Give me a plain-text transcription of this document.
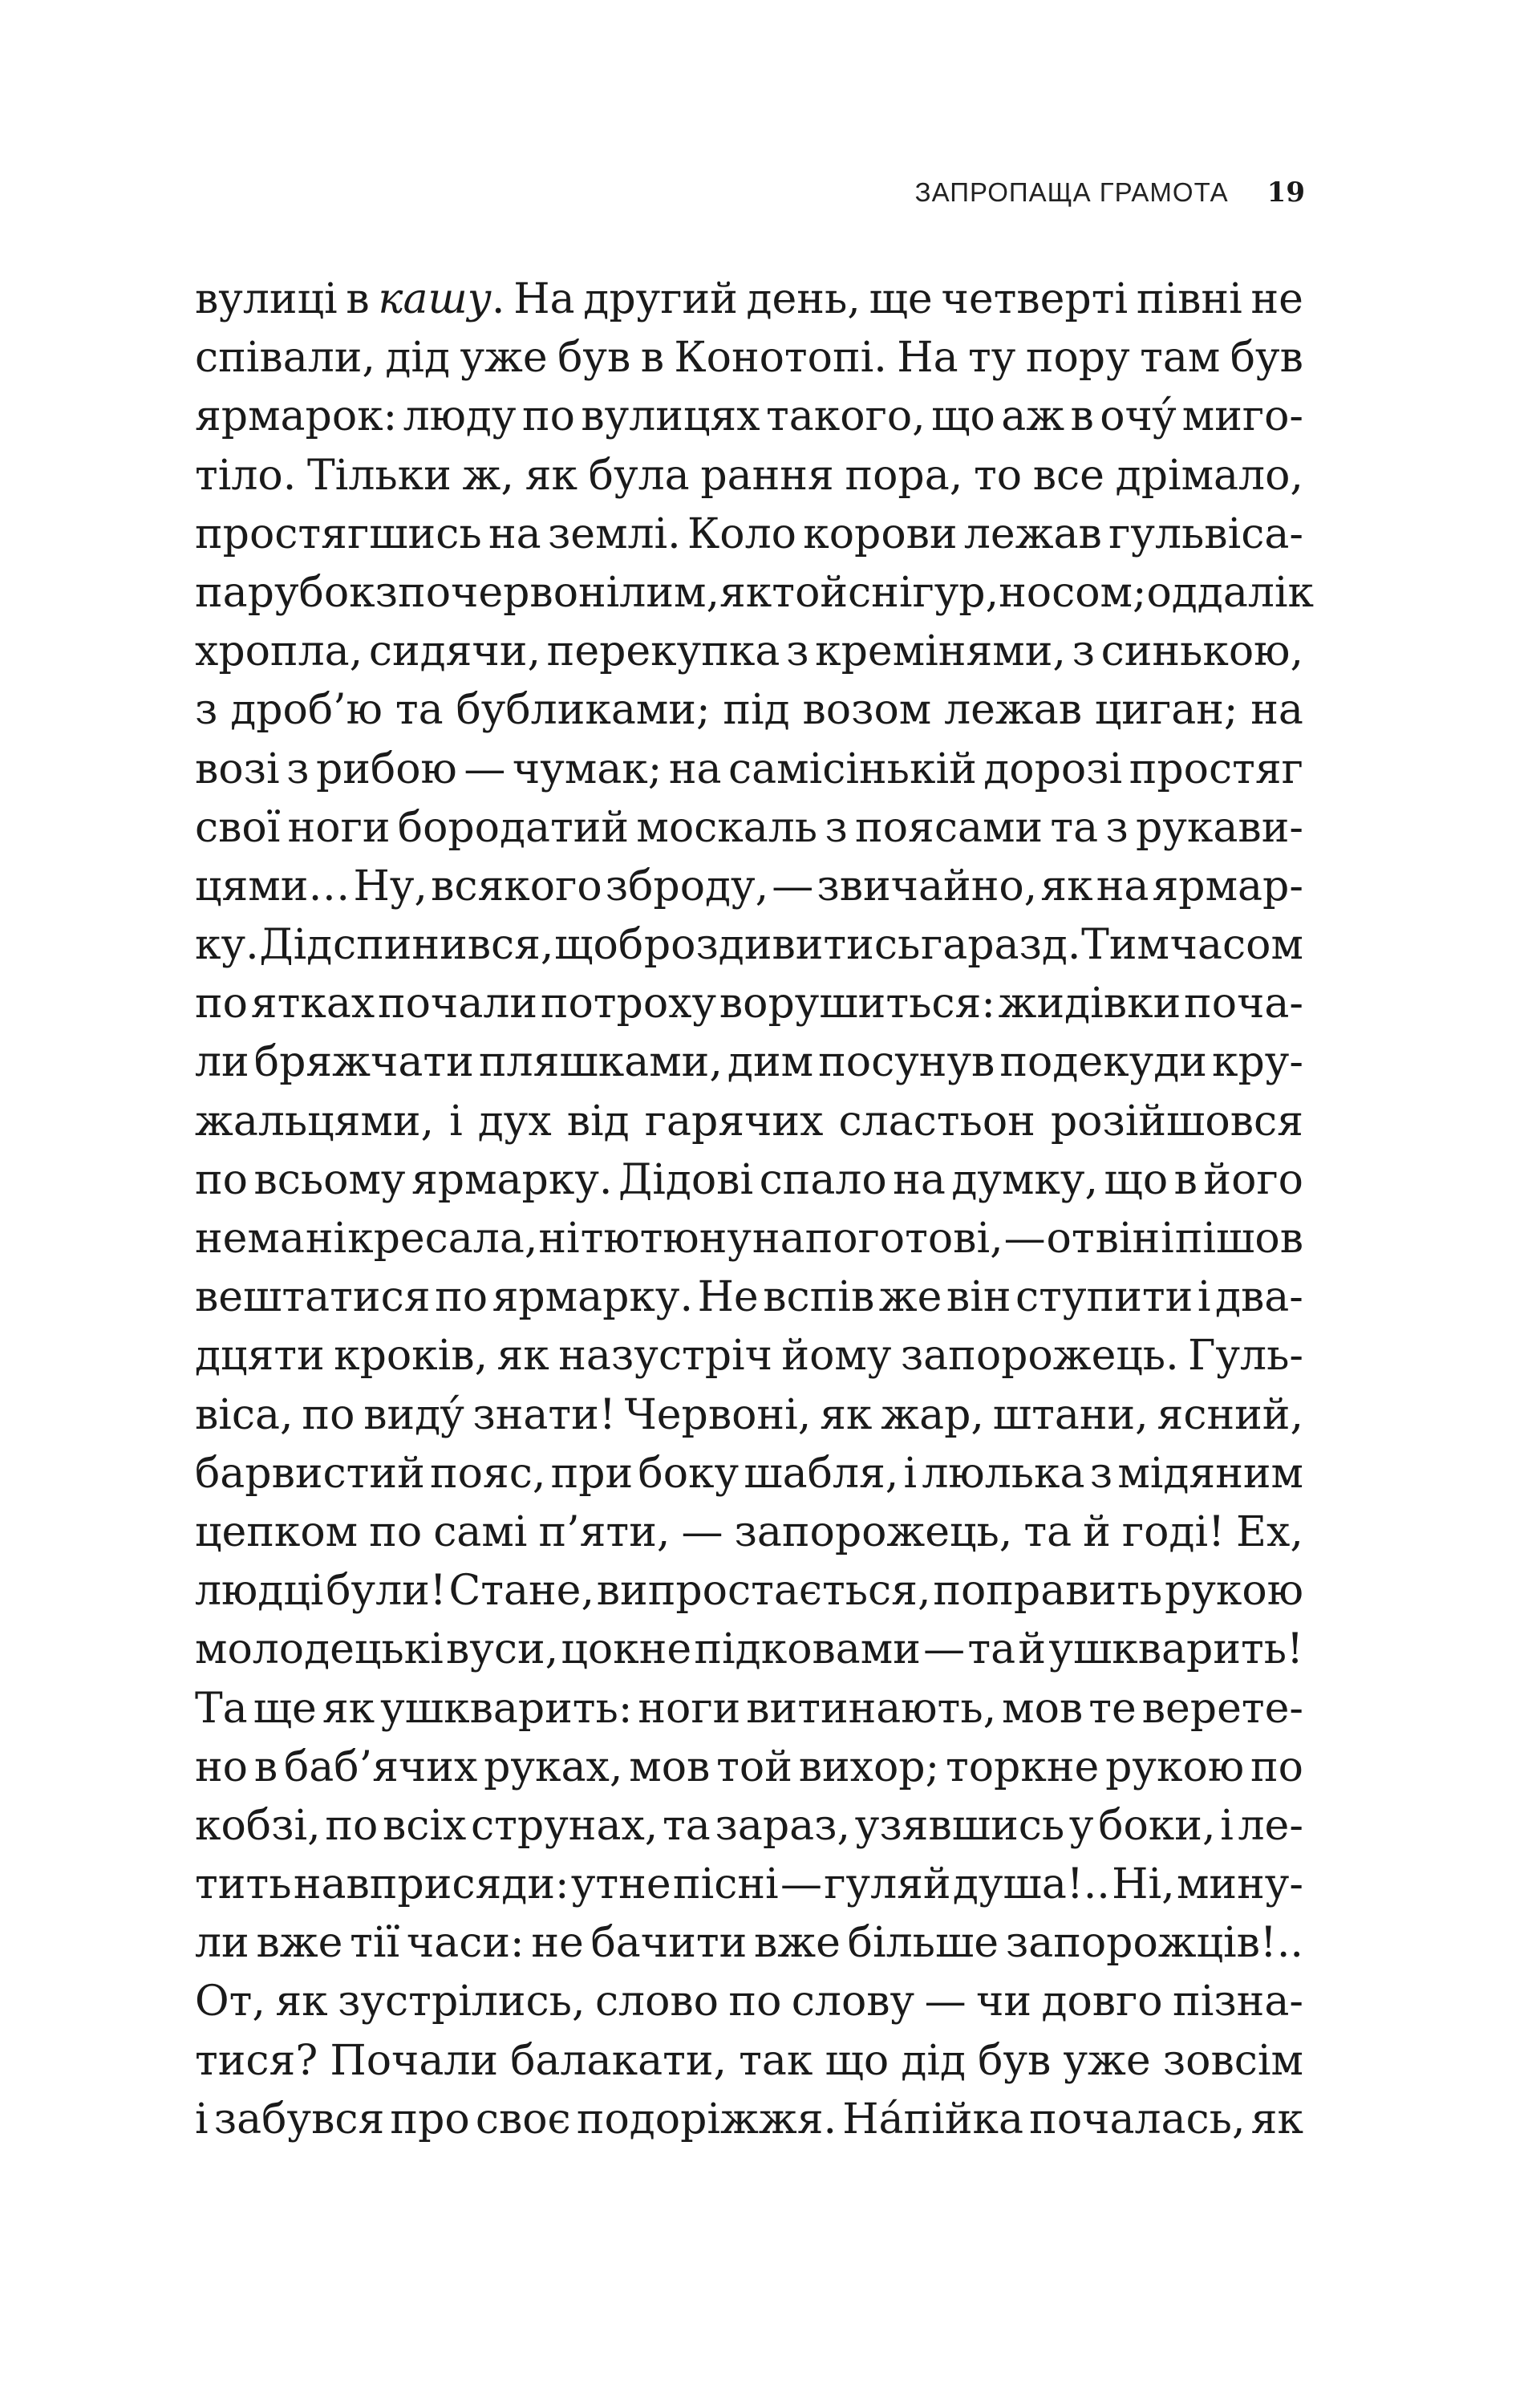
ЗАПРОПАЩА ГРАМОТА 19
вулиці в кашу. На другий день, ще четверті півні не
співали, дід уже був в Конотопі. На ту пору там був
ярмарок: люду по вулицях такого, що аж в очý миго-
тіло. Тільки ж, як була рання пора, то все дрімало,
простягшись на землі. Коло корови лежав гульвіса-
парубок з почервонілим, як той снігур, носом; оддалік
хропла, сидячи, перекупка з кремінями, з синькою,
з дроб’ю та бубликами; під возом лежав циган; на
возі з рибою — чумак; на самісінькій дорозі простяг
свої ноги бородатий москаль з поясами та з рукави-
цями… Ну, всякого зброду, — звичайно, як на ярмар-
ку. Дід спинився, щоб роздивитись гаразд. Тим часом
по ятках почали потроху ворушиться: жидівки поча-
ли бряжчати пляшками, дим посунув подекуди кру-
жальцями, і дух від гарячих сластьон розійшовся
по всьому ярмарку. Дідові спало на думку, що в його
нема ні кресала, ні тютюну напоготові, — от він і пішов
вештатися по ярмарку. Не вспів же він ступити і два-
дцяти кроків, як назустріч йому запорожець. Гуль-
віса, по видý знати! Червоні, як жар, штани, ясний,
барвистий пояс, при боку шабля, і люлька з мідяним
цепком по самі п’яти, — запорожець, та й годі! Ех,
людці були! Стане, випростається, поправить рукою
молодецькі вуси, цокне підковами — та й ушкварить!
Та ще як ушкварить: ноги витинають, мов те верете-
но в баб’ячих руках, мов той вихор; торкне рукою по
кобзі, по всіх струнах, та зараз, узявшись у боки, і ле-
тить навприсяди: утне пісні — гуляй душа!.. Ні, мину-
ли вже тії часи: не бачити вже більше запорожців!..
От, як зустрілись, слово по слову — чи довго пізна-
тися? Почали балакати, так що дід був уже зовсім
і забувся про своє подоріжжя. На́пійка почалась, як
